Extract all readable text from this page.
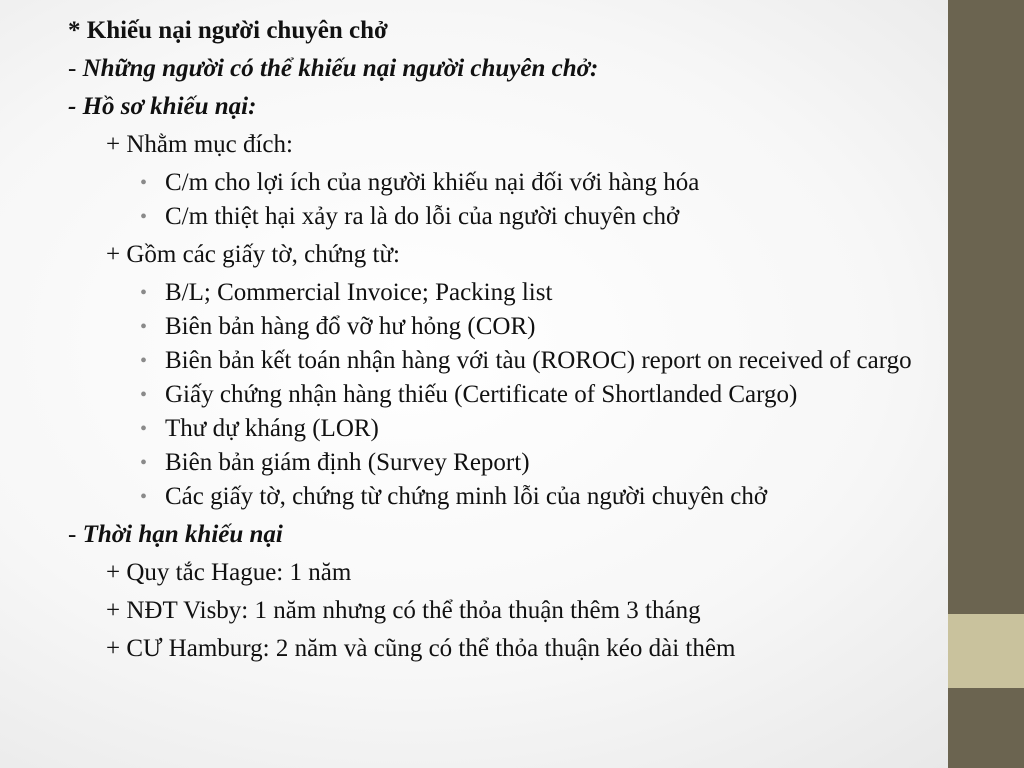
* Khiếu nại người chuyên chở
- Những người có thể khiếu nại người chuyên chở:
- Hồ sơ khiếu nại:
+ Nhằm mục đích:
• C/m cho lợi ích của người khiếu nại đối với hàng hóa
• C/m thiệt hại xảy ra là do lỗi của người chuyên chở
+ Gồm các giấy tờ, chứng từ:
• B/L; Commercial Invoice; Packing list
• Biên bản hàng đổ vỡ hư hỏng (COR)
• Biên bản kết toán nhận hàng với tàu (ROROC) report on received of cargo
• Giấy chứng nhận hàng thiếu (Certificate of Shortlanded Cargo)
• Thư dự kháng (LOR)
• Biên bản giám định (Survey Report)
• Các giấy tờ, chứng từ chứng minh lỗi của người chuyên chở
- Thời hạn khiếu nại
+ Quy tắc Hague: 1 năm
+ NĐT Visby: 1 năm nhưng có thể thỏa thuận thêm 3 tháng
+ CƯ Hamburg: 2 năm và cũng có thể thỏa thuận kéo dài thêm
